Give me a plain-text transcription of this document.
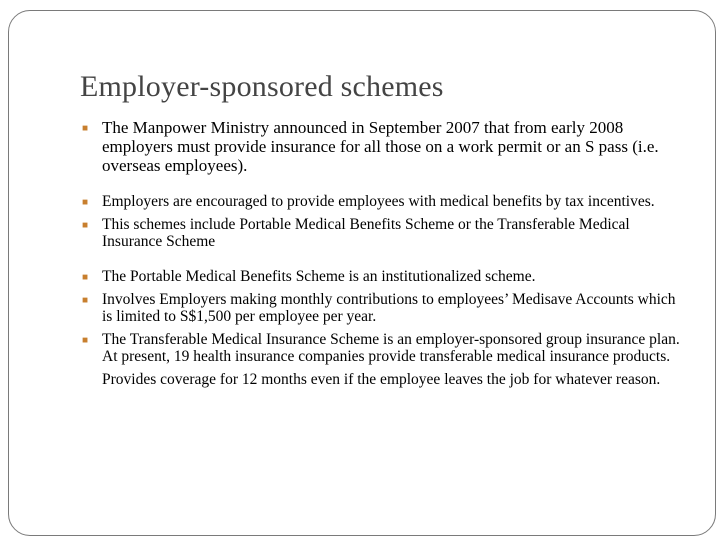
Employer-sponsored schemes
■ The Manpower Ministry announced in September 2007 that from early 2008 employers must provide insurance for all those on a work permit or an S pass (i.e. overseas employees).
■ Employers are encouraged to provide employees with medical benefits by tax incentives.
■ This schemes include Portable Medical Benefits Scheme or the Transferable Medical Insurance Scheme
■ The Portable Medical Benefits Scheme is an institutionalized scheme.
■ Involves Employers making monthly contributions to employees’ Medisave Accounts which is limited to S$1,500 per employee per year.
■ The Transferable Medical Insurance Scheme is an employer-sponsored group insurance plan. At present, 19 health insurance companies provide transferable medical insurance products.
Provides coverage for 12 months even if the employee leaves the job for whatever reason.
